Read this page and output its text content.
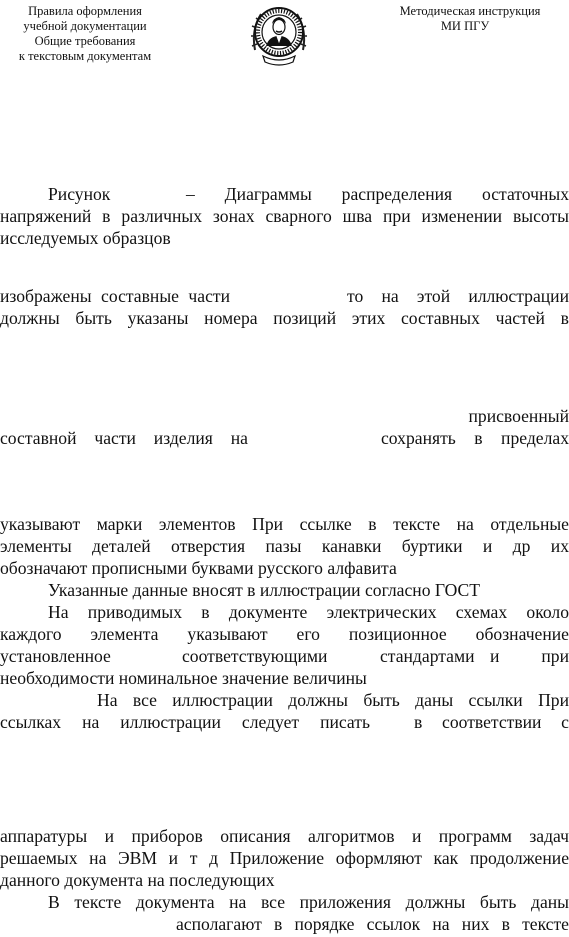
Правила оформления
учебной документации
Общие требования
к текстовым документам
Методическая инструкция
МИ ПГУ
Рисунок	– Диаграммы распределения остаточных
напряжений в различных зонах сварного шва при изменении высоты
исследуемых образцов
изображены составные части	то на этой иллюстрации
должны быть указаны номера позиций этих составных частей в
присвоенный
составной части изделия на	сохранять в пределах
указывают марки элементов При ссылке в тексте на отдельные
элементы деталей отверстия пазы канавки буртики и др их
обозначают прописными буквами русского алфавита
Указанные данные вносят в иллюстрации согласно ГОСТ
На приводимых в документе электрических схемах около
каждого элемента указывают его позиционное обозначение
установленное	соответствующими	стандартами и при
необходимости номинальное значение величины
На все иллюстрации должны быть даны ссылки При
ссылках на иллюстрации следует писать	в соответствии с
аппаратуры и приборов описания алгоритмов и программ задач
решаемых на ЭВМ и т д Приложение оформляют как продолжение
данного документа на последующих
В тексте документа на все приложения должны быть даны
асполагают в порядке ссылок на них в тексте
